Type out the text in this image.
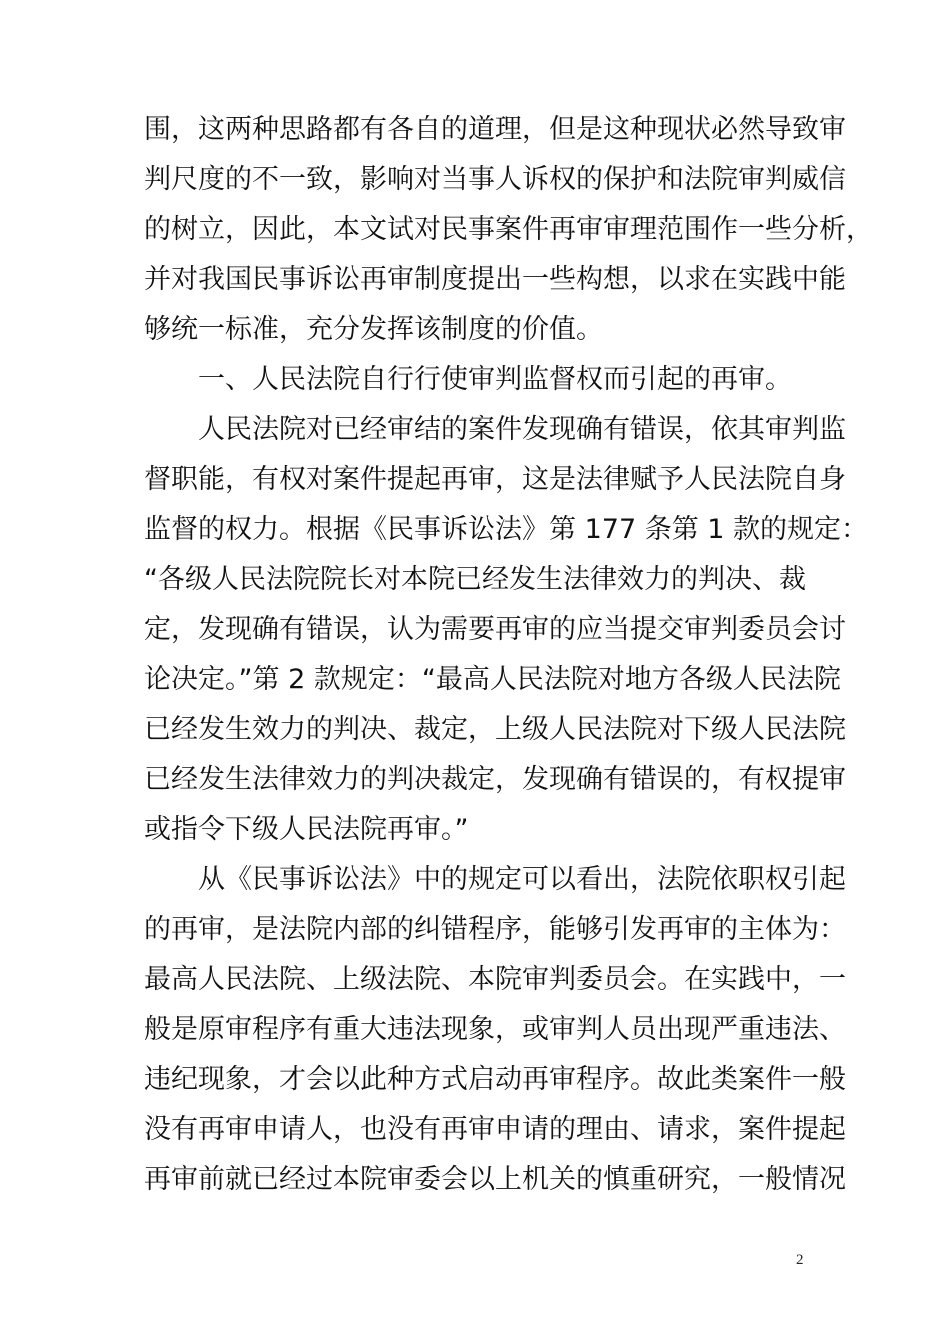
围，这两种思路都有各自的道理，但是这种现状必然导致审
判尺度的不一致，影响对当事人诉权的保护和法院审判威信
的树立，因此，本文试对民事案件再审审理范围作一些分析，
并对我国民事诉讼再审制度提出一些构想，以求在实践中能
够统一标准，充分发挥该制度的价值。
一、人民法院自行行使审判监督权而引起的再审。
人民法院对已经审结的案件发现确有错误，依其审判监
督职能，有权对案件提起再审，这是法律赋予人民法院自身
监督的权力。根据《民事诉讼法》第 177 条第 1 款的规定：
“各级人民法院院长对本院已经发生法律效力的判决、裁
定，发现确有错误，认为需要再审的应当提交审判委员会讨
论决定。”第 2 款规定：“最高人民法院对地方各级人民法院
已经发生效力的判决、裁定，上级人民法院对下级人民法院
已经发生法律效力的判决裁定，发现确有错误的，有权提审
或指令下级人民法院再审。”
从《民事诉讼法》中的规定可以看出，法院依职权引起
的再审，是法院内部的纠错程序，能够引发再审的主体为：
最高人民法院、上级法院、本院审判委员会。在实践中，一
般是原审程序有重大违法现象，或审判人员出现严重违法、
违纪现象，才会以此种方式启动再审程序。故此类案件一般
没有再审申请人，也没有再审申请的理由、请求，案件提起
再审前就已经过本院审委会以上机关的慎重研究，一般情况
2
